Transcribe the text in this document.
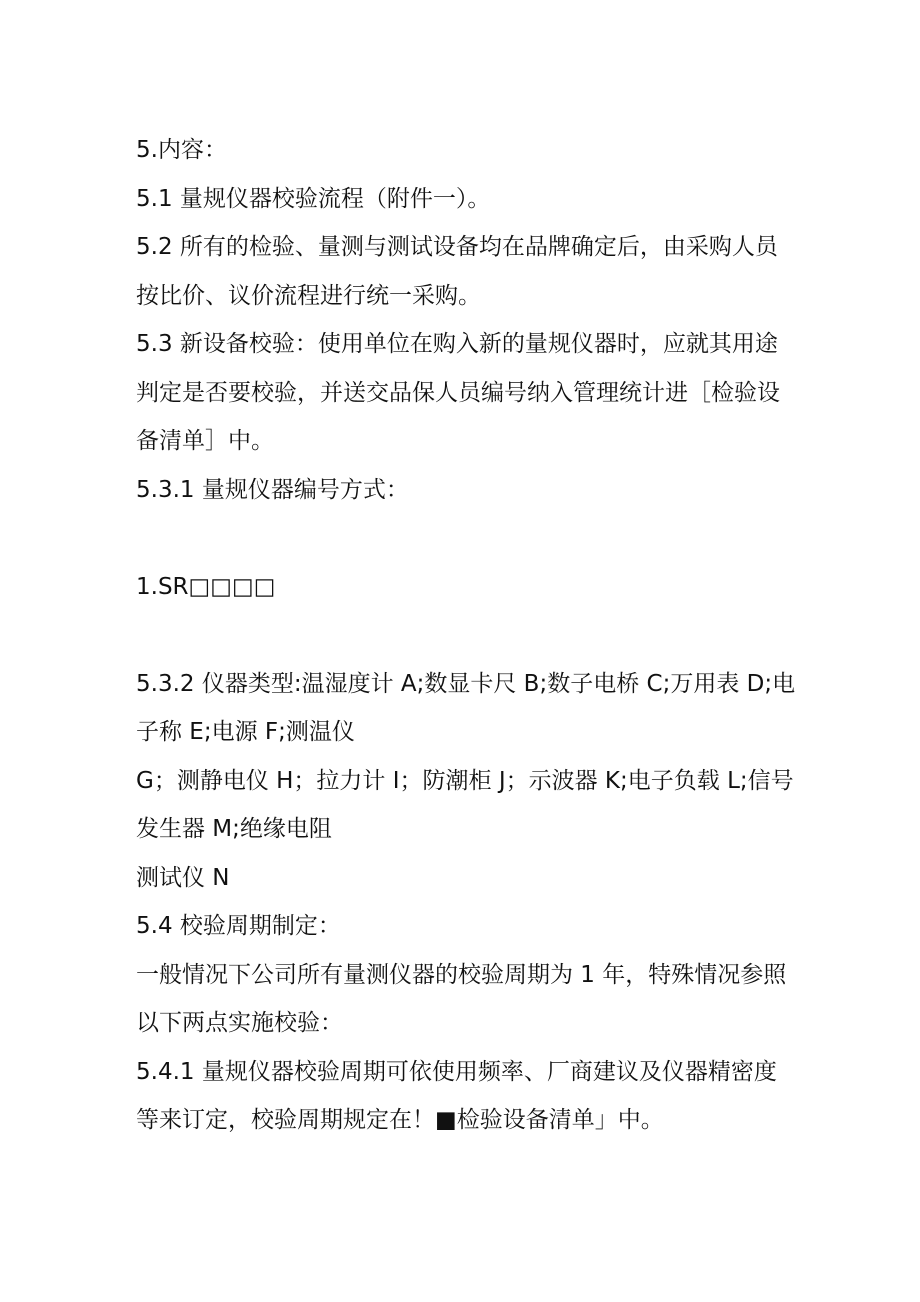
5.内容：

5.1 量规仪器校验流程（附件一）。

5.2 所有的检验、量测与测试设备均在品牌确定后，由采购人员按比价、议价流程进行统一采购。

5.3 新设备校验：使用单位在购入新的量规仪器时，应就其用途判定是否要校验，并送交品保人员编号纳入管理统计进［检验设备清单］中。

5.3.1 量规仪器编号方式：

1.SR□□□□

5.3.2 仪器类型:温湿度计 A;数显卡尺 B;数子电桥 C;万用表 D;电子称 E;电源 F;测温仪

G；测静电仪 H；拉力计 I；防潮柜 J；示波器 K;电子负载 L;信号发生器 M;绝缘电阻

测试仪 N

5.4 校验周期制定：

一般情况下公司所有量测仪器的校验周期为 1 年，特殊情况参照以下两点实施校验：

5.4.1 量规仪器校验周期可依使用频率、厂商建议及仪器精密度等来订定，校验周期规定在！■检验设备清单」中。
